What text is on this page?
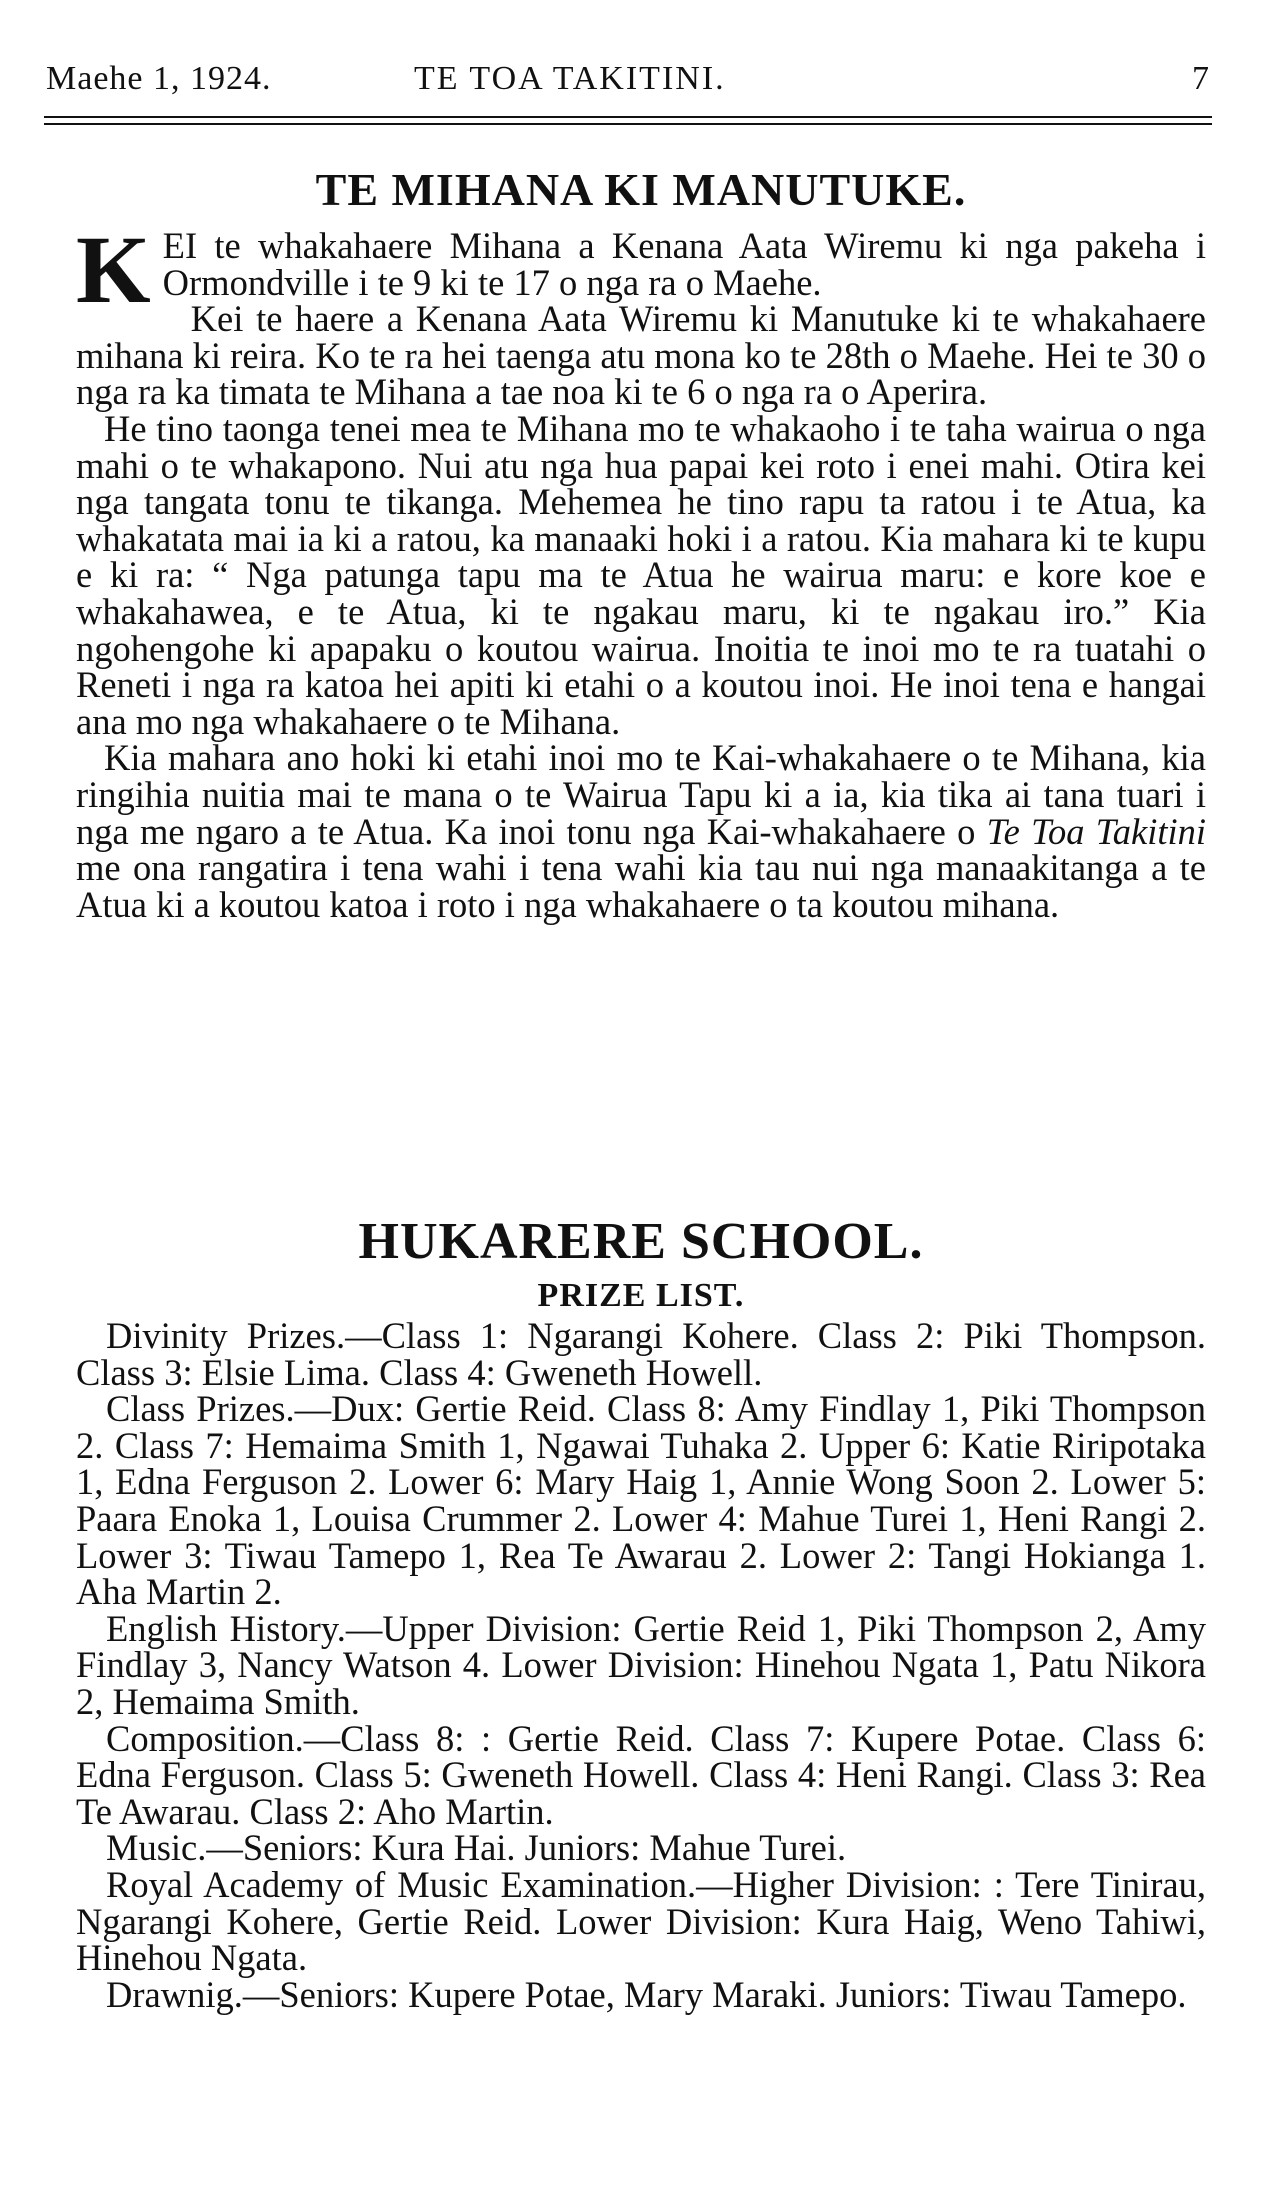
Maehe 1, 1924.	TE TOA TAKITINI.	7
TE MIHANA KI MANUTUKE.

KEI te whakahaere Mihana a Kenana Aata Wiremu ki nga pakeha i Ormondville i te 9 ki te 17 o nga ra o Maehe.

Kei te haere a Kenana Aata Wiremu ki Manutuke ki te whakahaere mihana ki reira. Ko te ra hei taenga atu mona ko te 28th o Maehe. Hei te 30 o nga ra ka timata te Mihana a tae noa ki te 6 o nga ra o Aperira.

He tino taonga tenei mea te Mihana mo te whakaoho i te taha wairua o nga mahi o te whakapono. Nui atu nga hua papai kei roto i enei mahi. Otira kei nga tangata tonu te tikanga. Mehemea he tino rapu ta ratou i te Atua, ka whakatata mai ia ki a ratou, ka manaaki hoki i a ratou. Kia mahara ki te kupu e ki ra: “ Nga patunga tapu ma te Atua he wairua maru: e kore koe e whakahawea, e te Atua, ki te ngakau maru, ki te ngakau iro.” Kia ngohengohe ki apapaku o koutou wairua. Inoitia te inoi mo te ra tuatahi o Reneti i nga ra katoa hei apiti ki etahi o a koutou inoi. He inoi tena e hangai ana mo nga whakahaere o te Mihana.

Kia mahara ano hoki ki etahi inoi mo te Kai-whakahaere o te Mihana, kia ringihia nuitia mai te mana o te Wairua Tapu ki a ia, kia tika ai tana tuari i nga me ngaro a te Atua. Ka inoi tonu nga Kai-whakahaere o Te Toa Takitini me ona rangatira i tena wahi i tena wahi kia tau nui nga manaakitanga a te Atua ki a koutou katoa i roto i nga whakahaere o ta koutou mihana.

HUKARERE SCHOOL.
PRIZE LIST.

Divinity Prizes.—Class 1: Ngarangi Kohere. Class 2: Piki Thompson. Class 3: Elsie Lima. Class 4: Gweneth Howell.

Class Prizes.—Dux: Gertie Reid. Class 8: Amy Findlay 1, Piki Thompson 2. Class 7: Hemaima Smith 1, Ngawai Tuhaka 2. Upper 6: Katie Riripotaka 1, Edna Ferguson 2. Lower 6: Mary Haig 1, Annie Wong Soon 2. Lower 5: Paara Enoka 1, Louisa Crummer 2. Lower 4: Mahue Turei 1, Heni Rangi 2. Lower 3: Tiwau Tamepo 1, Rea Te Awarau 2. Lower 2: Tangi Hokianga 1. Aha Martin 2.

English History.—Upper Division: Gertie Reid 1, Piki Thompson 2, Amy Findlay 3, Nancy Watson 4. Lower Division: Hinehou Ngata 1, Patu Nikora 2, Hemaima Smith.

Composition.—Class 8: : Gertie Reid. Class 7: Kupere Potae. Class 6: Edna Ferguson. Class 5: Gweneth Howell. Class 4: Heni Rangi. Class 3: Rea Te Awarau. Class 2: Aho Martin.

Music.—Seniors: Kura Hai. Juniors: Mahue Turei.

Royal Academy of Music Examination.—Higher Division: : Tere Tinirau, Ngarangi Kohere, Gertie Reid. Lower Division: Kura Haig, Weno Tahiwi, Hinehou Ngata.

Drawnig.—Seniors: Kupere Potae, Mary Maraki. Juniors: Tiwau Tamepo.
